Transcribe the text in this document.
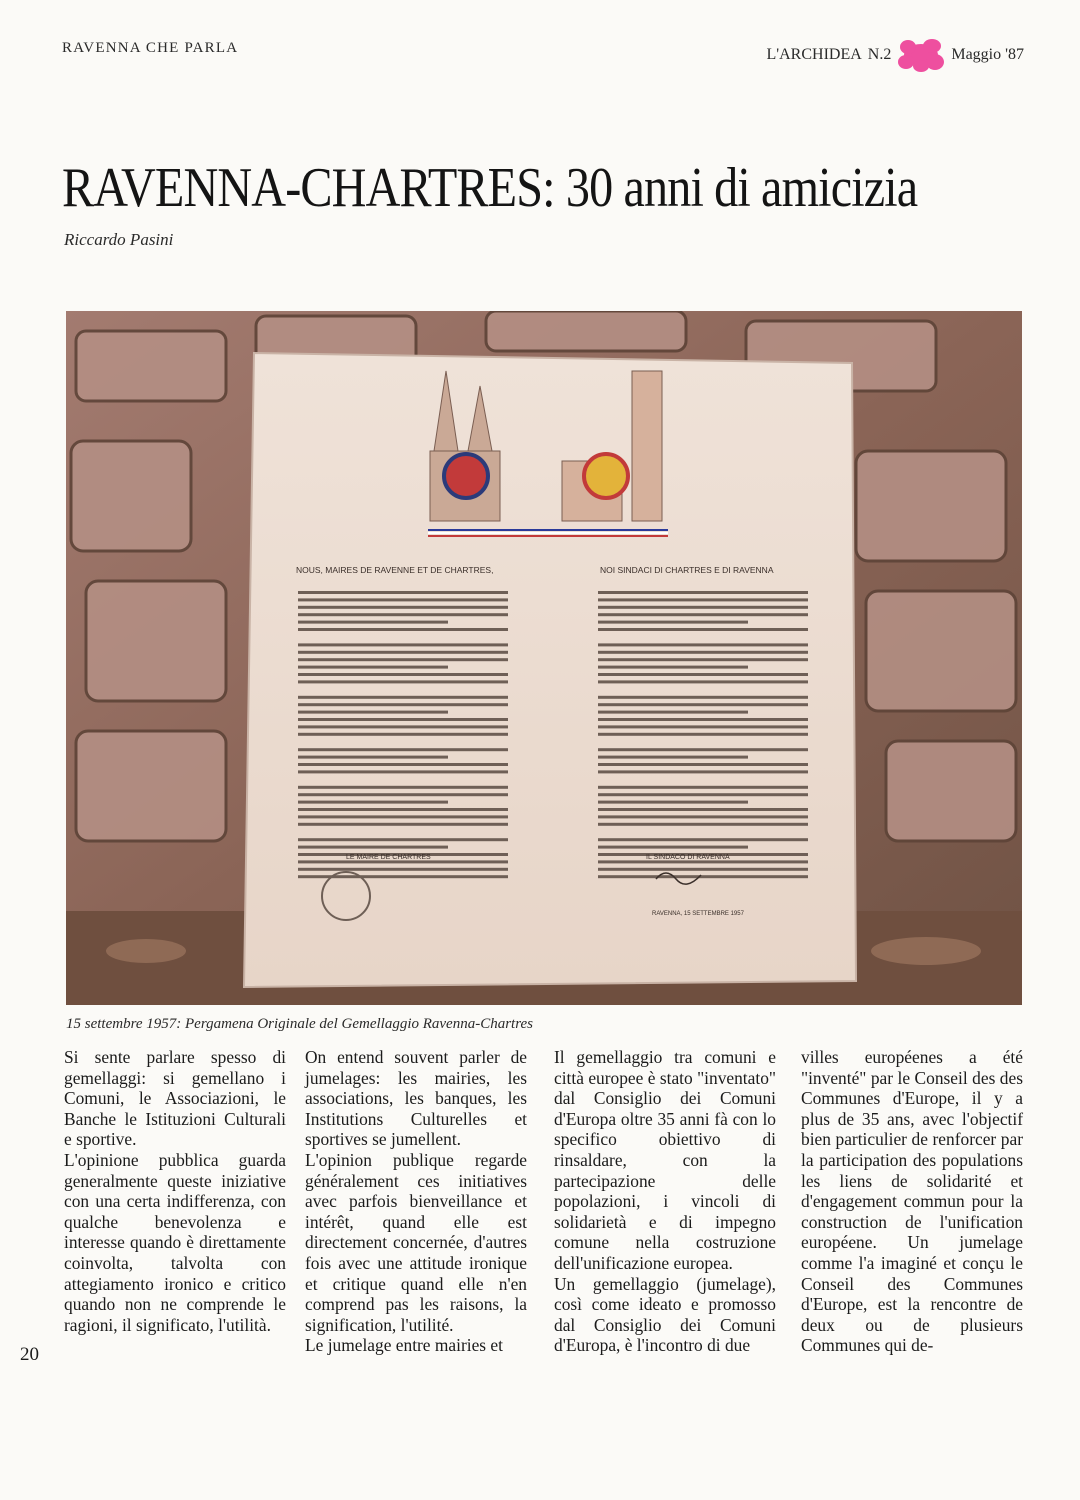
RAVENNA CHE PARLA	L'ARCHIDEA N.2	Maggio '87
RAVENNA-CHARTRES: 30 anni di amicizia
Riccardo Pasini
NOUS, MAIRES DE RAVENNE ET DE CHARTRES,	NOI SINDACI DI CHARTRES E DI RAVENNA
LE MAIRE DE CHARTRES	IL SINDACO DI RAVENNA
RAVENNA, 15 SETTEMBRE 1957
15 settembre 1957: Pergamena Originale del Gemellaggio Ravenna-Chartres
20

Si sente parlare spesso di gemellaggi: si gemellano i Comuni, le Associazioni, le Banche le Istituzioni Culturali e sportive.

L'opinione pubblica guarda generalmente queste iniziative con una certa indifferenza, con qualche benevolenza e interesse quando è direttamente coinvolta, talvolta con attegiamento ironico e critico quando non ne comprende le ragioni, il significato, l'utilità.

On entend souvent parler de jumelages: les mairies, les associations, les banques, les Institutions Culturelles et sportives se jumellent.

L'opinion publique regarde généralement ces initiatives avec parfois bienveillance et intérêt, quand elle est directement concernée, d'autres fois avec une attitude ironique et critique quand elle n'en comprend pas les raisons, la signification, l'utilité.

Le jumelage entre mairies et

Il gemellaggio tra comuni e città europee è stato "inventato" dal Consiglio dei Comuni d'Europa oltre 35 anni fà con lo specifico obiettivo di rinsaldare, con la partecipazione delle popolazioni, i vincoli di solidarietà e di impegno comune nella costruzione dell'unificazione europea.

Un gemellaggio (jumelage), così come ideato e promosso dal Consiglio dei Comuni d'Europa, è l'incontro di due

villes européenes a été "inventé" par le Conseil des des Communes d'Europe, il y a plus de 35 ans, avec l'objectif bien particulier de renforcer par la participation des populations les liens de solidarité et d'engagement commun pour la construction de l'unification européene. Un jumelage comme l'a imaginé et conçu le Conseil des Communes d'Europe, est la rencontre de deux ou de plusieurs Communes qui de-
